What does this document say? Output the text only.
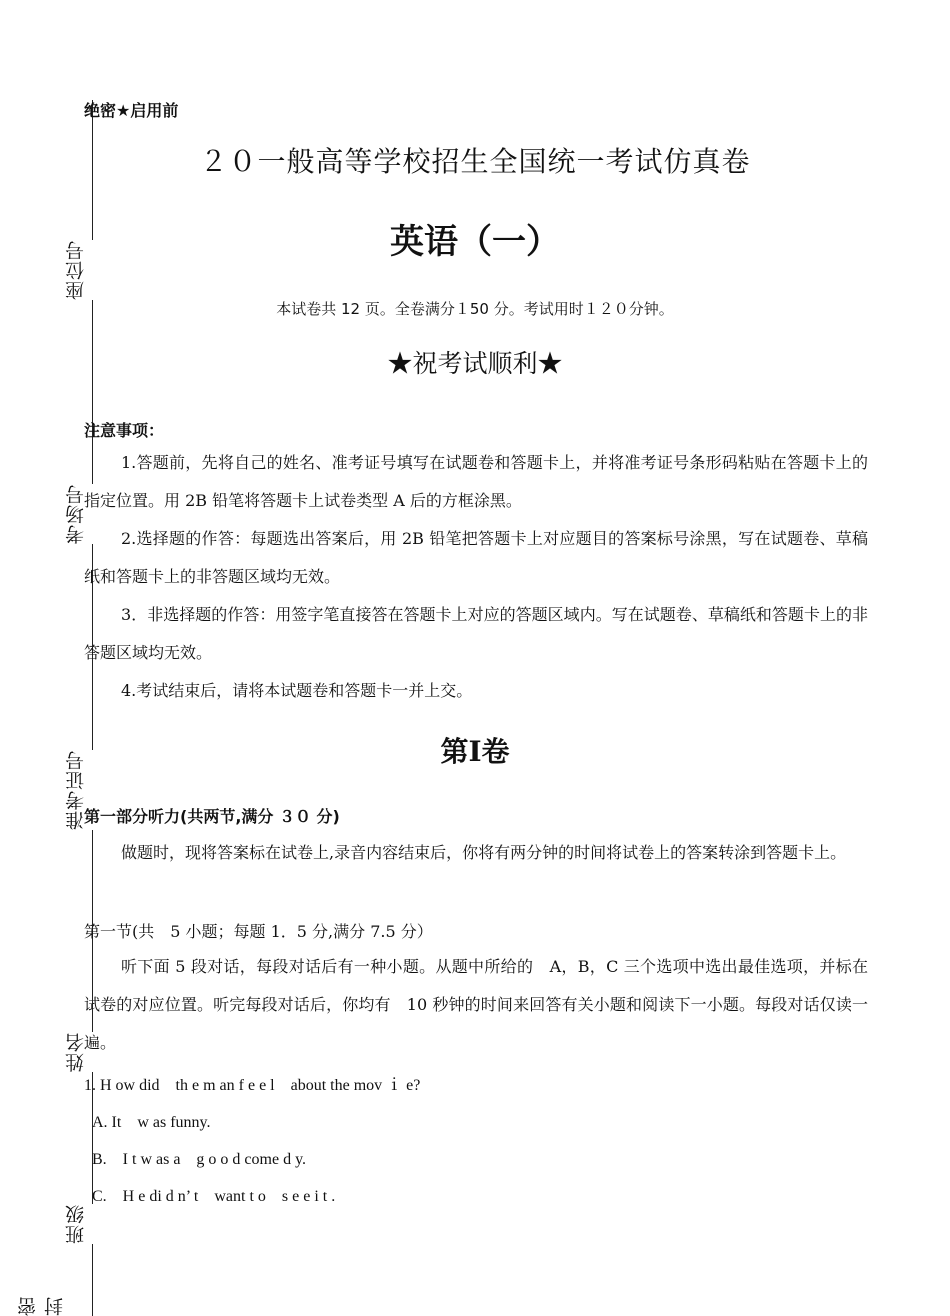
座位号
考场号
准考证号
姓名
班级
密封
绝密★启用前
２０一般高等学校招生全国统一考试仿真卷
英语（一）
本试卷共 12 页。全卷满分１50 分。考试用时１２０分钟。
★祝考试顺利★
注意事项：
1.答题前，先将自己的姓名、准考证号填写在试题卷和答题卡上，并将准考证号条形码粘贴在答题卡上的指定位置。用 2B 铅笔将答题卡上试卷类型 A 后的方框涂黑。
2.选择题的作答：每题选出答案后，用 2B 铅笔把答题卡上对应题目的答案标号涂黑，写在试题卷、草稿纸和答题卡上的非答题区域均无效。
3．非选择题的作答：用签字笔直接答在答题卡上对应的答题区域内。写在试题卷、草稿纸和答题卡上的非答题区域均无效。
4.考试结束后，请将本试题卷和答题卡一并上交。
第Ⅰ卷
第一部分听力(共两节,满分 ３０ 分)
做题时，现将答案标在试卷上,录音内容结束后，你将有两分钟的时间将试卷上的答案转涂到答题卡上。
第一节(共　5 小题；每题 1．5 分,满分 7.5 分）
听下面 5 段对话，每段对话后有一种小题。从题中所给的　A，B，C 三个选项中选出最佳选项，并标在试卷的对应位置。听完每段对话后，你均有　10 秒钟的时间来回答有关小题和阅读下一小题。每段对话仅读一遍。
1. H ow did　th e m an f e e l　about the mov ｉ e?
A. It　w as funny.
B.　I t w as a　g o o d come d y.
C.　H e di d n’ t　want t o　s e e i t .
